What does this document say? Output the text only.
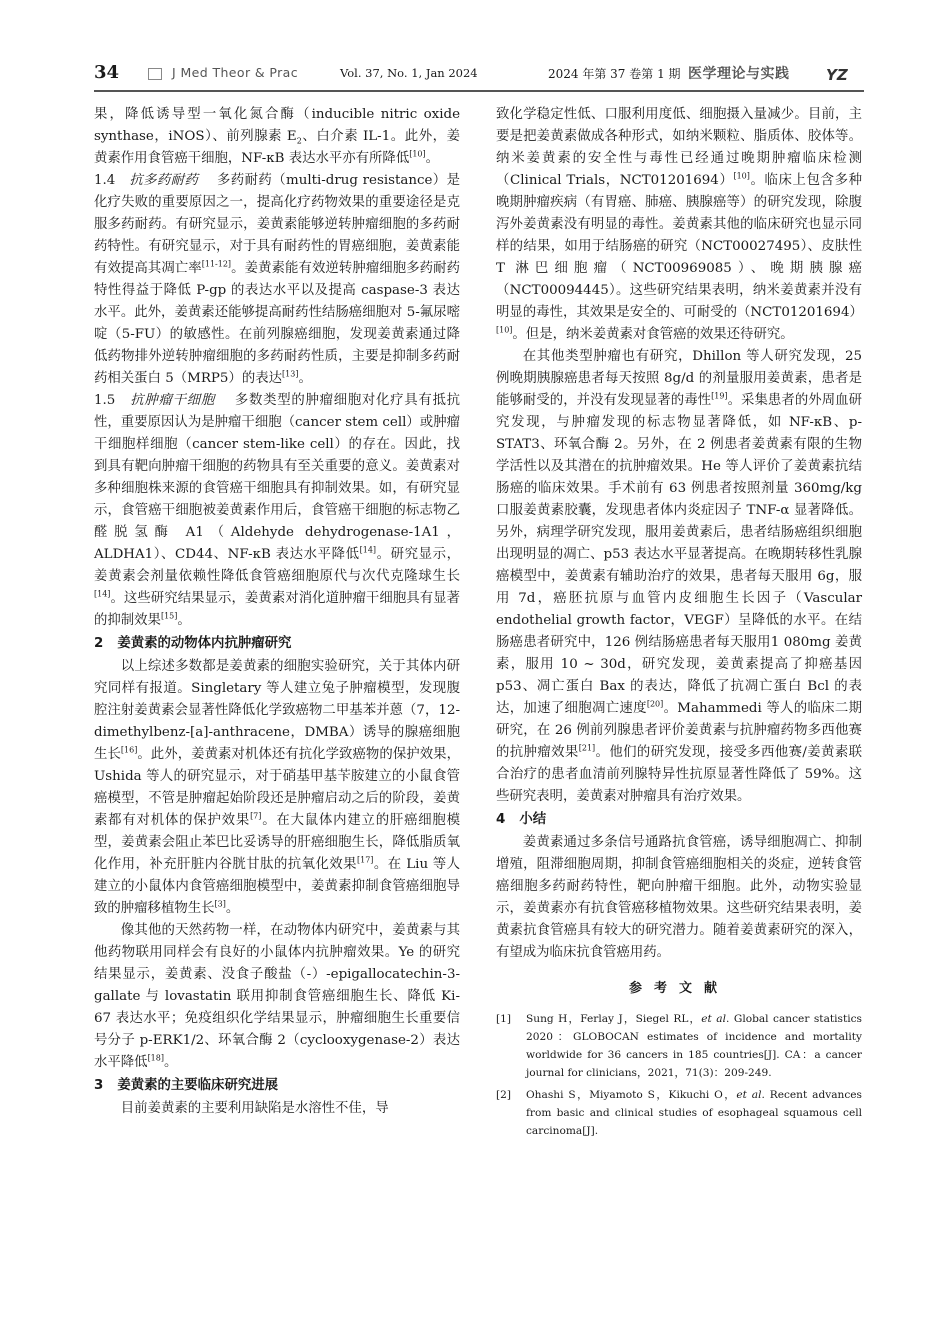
34	J Med Theor & Prac	Vol. 37, No. 1, Jan 2024	2024 年第 37 卷第 1 期 医学理论与实践 YZ

果，降低诱导型一氧化氮合酶（inducible nitric oxide synthase，iNOS）、前列腺素 $E_2$、白介素 IL-1。此外，姜黄素作用食管癌干细胞，NF-κB 表达水平亦有所降低[10]。

1.4 抗多药耐药 多药耐药（multi-drug resistance）是化疗失败的重要原因之一，提高化疗药物效果的重要途径是克服多药耐药。有研究显示，姜黄素能够逆转肿瘤细胞的多药耐药特性。有研究显示，对于具有耐药性的胃癌细胞，姜黄素能有效提高其凋亡率[11-12]。姜黄素能有效逆转肿瘤细胞多药耐药特性得益于降低 P-gp 的表达水平以及提高 caspase-3 表达水平。此外，姜黄素还能够提高耐药性结肠癌细胞对 5-氟尿嘧啶（5-FU）的敏感性。在前列腺癌细胞，发现姜黄素通过降低药物排外逆转肿瘤细胞的多药耐药性质，主要是抑制多药耐药相关蛋白 5（MRP5）的表达[13]。

1.5 抗肿瘤干细胞 多数类型的肿瘤细胞对化疗具有抵抗性，重要原因认为是肿瘤干细胞（cancer stem cell）或肿瘤干细胞样细胞（cancer stem-like cell）的存在。因此，找到具有靶向肿瘤干细胞的药物具有至关重要的意义。姜黄素对多种细胞株来源的食管癌干细胞具有抑制效果。如，有研究显示，食管癌干细胞被姜黄素作用后，食管癌干细胞的标志物乙醛脱氢酶 A1（Aldehyde dehydrogenase-1A1，ALDHA1）、CD44、NF-κB 表达水平降低[14]。研究显示，姜黄素会剂量依赖性降低食管癌细胞原代与次代克隆球生长[14]。这些研究结果显示，姜黄素对消化道肿瘤干细胞具有显著的抑制效果[15]。

2 姜黄素的动物体内抗肿瘤研究

以上综述多数都是姜黄素的细胞实验研究，关于其体内研究同样有报道。Singletary 等人建立兔子肿瘤模型，发现腹腔注射姜黄素会显著性降低化学致癌物二甲基苯并蒽（7，12-dimethylbenz-[a]-anthracene，DMBA）诱导的腺癌细胞生长[16]。此外，姜黄素对机体还有抗化学致癌物的保护效果，Ushida 等人的研究显示，对于硝基甲基苄胺建立的小鼠食管癌模型，不管是肿瘤起始阶段还是肿瘤启动之后的阶段，姜黄素都有对机体的保护效果[7]。在大鼠体内建立的肝癌细胞模型，姜黄素会阻止苯巴比妥诱导的肝癌细胞生长，降低脂质氧化作用，补充肝脏内谷胱甘肽的抗氧化效果[17]。在 Liu 等人建立的小鼠体内食管癌细胞模型中，姜黄素抑制食管癌细胞导致的肿瘤移植物生长[3]。

像其他的天然药物一样，在动物体内研究中，姜黄素与其他药物联用同样会有良好的小鼠体内抗肿瘤效果。Ye 的研究结果显示，姜黄素、没食子酸盐（-）-epigallocatechin-3-gallate 与 lovastatin 联用抑制食管癌细胞生长、降低 Ki-67 表达水平；免疫组织化学结果显示，肿瘤细胞生长重要信号分子 p-ERK1/2、环氧合酶 2（cyclooxygenase-2）表达水平降低[18]。

3 姜黄素的主要临床研究进展

目前姜黄素的主要利用缺陷是水溶性不佳，导

致化学稳定性低、口服利用度低、细胞摄入量减少。目前，主要是把姜黄素做成各种形式，如纳米颗粒、脂质体、胶体等。纳米姜黄素的安全性与毒性已经通过晚期肿瘤临床检测（Clinical Trials，NCT01201694）[10]。临床上包含多种晚期肿瘤疾病（有胃癌、肺癌、胰腺癌等）的研究发现，除腹泻外姜黄素没有明显的毒性。姜黄素其他的临床研究也显示同样的结果，如用于结肠癌的研究（NCT00027495）、皮肤性 T 淋巴细胞瘤（NCT00969085）、晚期胰腺癌（NCT00094445）。这些研究结果表明，纳米姜黄素并没有明显的毒性，其效果是安全的、可耐受的（NCT01201694）[10]。但是，纳米姜黄素对食管癌的效果还待研究。

在其他类型肿瘤也有研究，Dhillon 等人研究发现，25 例晚期胰腺癌患者每天按照 8g/d 的剂量服用姜黄素，患者是能够耐受的，并没有发现显著的毒性[19]。采集患者的外周血研究发现，与肿瘤发现的标志物显著降低，如 NF-κB、p-STAT3、环氧合酶 2。另外，在 2 例患者姜黄素有限的生物学活性以及其潜在的抗肿瘤效果。He 等人评价了姜黄素抗结肠癌的临床效果。手术前有 63 例患者按照剂量 360mg/kg 口服姜黄素胶囊，发现患者体内炎症因子 TNF-α 显著降低。另外，病理学研究发现，服用姜黄素后，患者结肠癌组织细胞出现明显的凋亡、p53 表达水平显著提高。在晚期转移性乳腺癌模型中，姜黄素有辅助治疗的效果，患者每天服用 6g，服用 7d，癌胚抗原与血管内皮细胞生长因子（Vascular endothelial growth factor，VEGF）呈降低的水平。在结肠癌患者研究中，126 例结肠癌患者每天服用1 080mg 姜黄素，服用 10 ~ 30d，研究发现，姜黄素提高了抑癌基因 p53、凋亡蛋白 Bax 的表达，降低了抗凋亡蛋白 Bcl 的表达，加速了细胞凋亡速度[20]。Mahammedi 等人的临床二期研究，在 26 例前列腺患者评价姜黄素与抗肿瘤药物多西他赛的抗肿瘤效果[21]。他们的研究发现，接受多西他赛/姜黄素联合治疗的患者血清前列腺特异性抗原显著性降低了 59%。这些研究表明，姜黄素对肿瘤具有治疗效果。

4 小结

姜黄素通过多条信号通路抗食管癌，诱导细胞凋亡、抑制增殖，阻滞细胞周期，抑制食管癌细胞相关的炎症，逆转食管癌细胞多药耐药特性，靶向肿瘤干细胞。此外，动物实验显示，姜黄素亦有抗食管癌移植物效果。这些研究结果表明，姜黄素抗食管癌具有较大的研究潜力。随着姜黄素研究的深入，有望成为临床抗食管癌用药。

参考文献
[1]	Sung H，Ferlay J，Siegel RL，et al. Global cancer statistics 2020：GLOBOCAN estimates of incidence and mortality worldwide for 36 cancers in 185 countries[J]. CA：a cancer journal for clinicians，2021，71(3)：209-249.
[2]	Ohashi S，Miyamoto S，Kikuchi O，et al. Recent advances from basic and clinical studies of esophageal squamous cell carcinoma[J].
